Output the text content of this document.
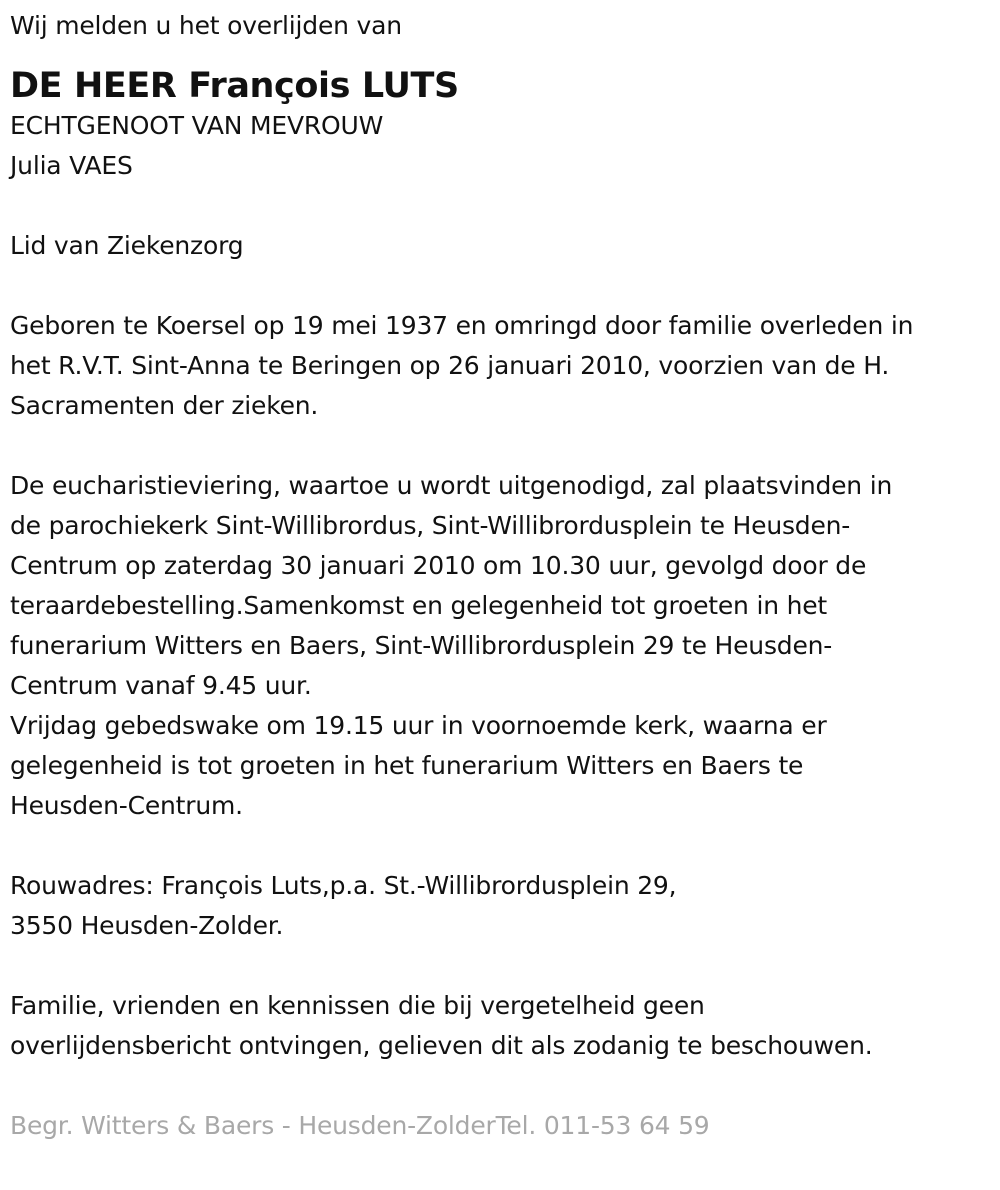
Wij melden u het overlijden van
DE HEER François LUTS
ECHTGENOOT VAN MEVROUW
Julia VAES
Lid van Ziekenzorg
Geboren te Koersel op 19 mei 1937 en omringd door familie overleden in
het R.V.T. Sint-Anna te Beringen op 26 januari 2010, voorzien van de H.
Sacramenten der zieken.
De eucharistieviering, waartoe u wordt uitgenodigd, zal plaatsvinden in
de parochiekerk Sint-Willibrordus, Sint-Willibrordusplein te Heusden-
Centrum op zaterdag 30 januari 2010 om 10.30 uur, gevolgd door de
teraardebestelling.Samenkomst en gelegenheid tot groeten in het
funerarium Witters en Baers, Sint-Willibrordusplein 29 te Heusden-
Centrum vanaf 9.45 uur.
Vrijdag gebedswake om 19.15 uur in voornoemde kerk, waarna er
gelegenheid is tot groeten in het funerarium Witters en Baers te
Heusden-Centrum.
Rouwadres: François Luts,p.a. St.-Willibrordusplein 29,
3550 Heusden-Zolder.
Familie, vrienden en kennissen die bij vergetelheid geen
overlijdensbericht ontvingen, gelieven dit als zodanig te beschouwen.
Begr. Witters & Baers - Heusden-ZolderTel. 011-53 64 59
